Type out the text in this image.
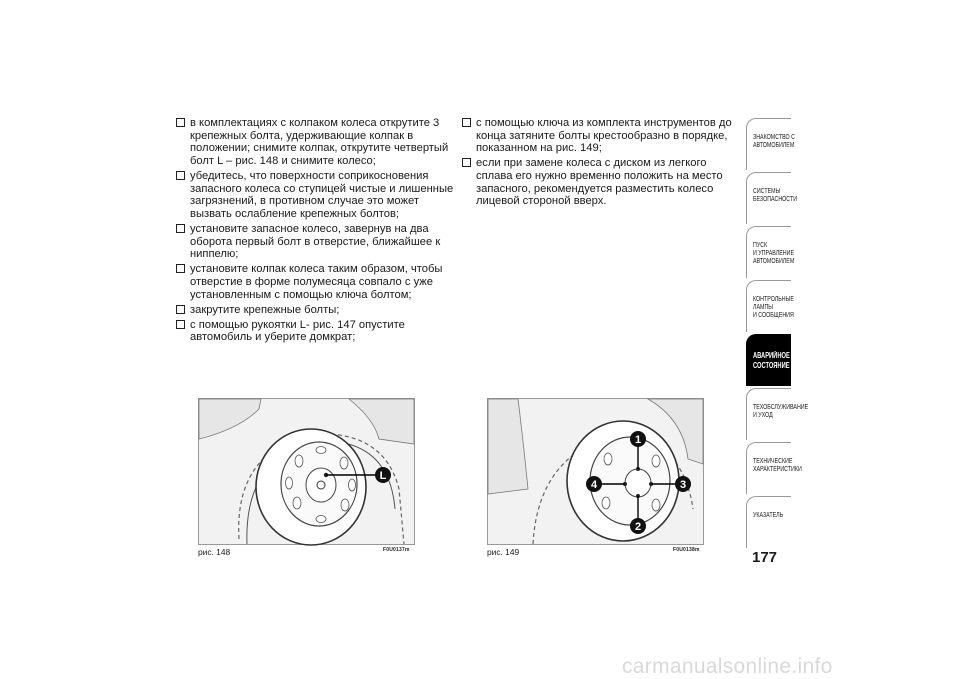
в комплектациях с колпаком колеса открутите 3 крепежных болта, удерживающие колпак в положении; снимите колпак, открутите четвертый болт L – рис. 148 и снимите колесо;
убедитесь, что поверхности соприкосновения запасного колеса со ступицей чистые и лишенные загрязнений, в противном случае это может вызвать ослабление крепежных болтов;
установите запасное колесо, завернув на два оборота первый болт в отверстие, ближайшее к ниппелю;
установите колпак колеса таким образом, чтобы отверстие в форме полумесяца совпало с уже установленным с помощью ключа болтом;
закрутите крепежные болты;
с помощью рукоятки L- рис. 147 опустите автомобиль и уберите домкрат;
с помощью ключа из комплекта инструментов до конца затяните болты крестообразно в порядке, показанном на рис. 149;
если при замене колеса с диском из легкого сплава его нужно временно положить на место запасного, рекомендуется разместить колесо лицевой стороной вверх.
L
рис. 148	F0U0137m
1
2
3
4
рис. 149	F0U0138m
ЗНАКОМСТВО С
АВТОМОБИЛЕМ
СИСТЕМЫ
БЕЗОПАСНОСТИ
ПУСК
И УПРАВЛЕНИЕ
АВТОМОБИЛЕМ
КОНТРОЛЬНЫЕ
ЛАМПЫ
И СООБЩЕНИЯ
АВАРИЙНОЕ
СОСТОЯНИЕ
ТЕХОБСЛУЖИВАНИЕ
И УХОД
ТЕХНИЧЕСКИЕ
ХАРАКТЕРИСТИКИ
УКАЗАТЕЛЬ
177
carmanualsonline.info
